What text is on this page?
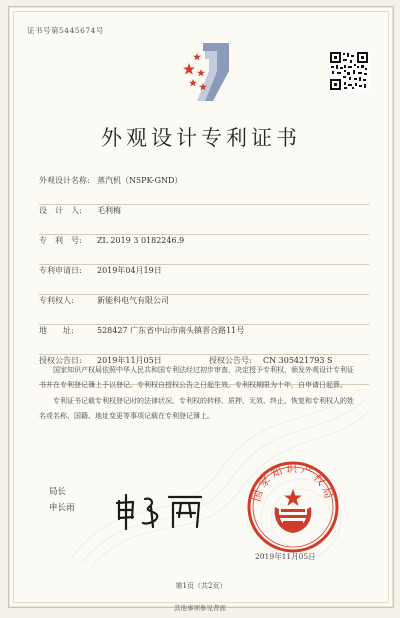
证书号第5445674号
外观设计专利证书
外观设计名称: 蒸汽机（N5PK-GND）
设　计　人:	毛利梅
专　利　号:	ZL 2019 3 0182246.9
专利申请日:	2019年04月19日
专利权人:	新能科电气有限公司
地　　址:	528427 广东省中山市南头镇晋合路11号
授权公告日:	2019年11月05日	授权公告号:	CN 305421793 S

国家知识产权局依照中华人民共和国专利法经过初步审查，决定授予专利权，颁发外观设计专利证书并在专利登记簿上予以登记。专利权自授权公告之日起生效。专利权期限为十年，自申请日起算。

专利证书记载专利权登记时的法律状况。专利权的转移、质押、无效、终止、恢复和专利权人的姓名或名称、国籍、地址变更等事项记载在专利登记簿上。

局长
申长雨
国家知识产权局
2019年11月05日
第1页（共2页）
其他事项参见背面
